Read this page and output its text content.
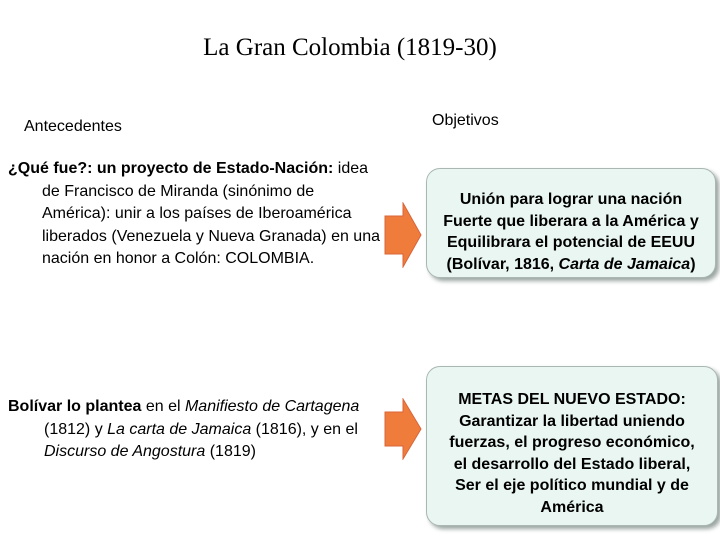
La Gran Colombia (1819-30)
Antecedentes	Objetivos
¿Qué fue?: un proyecto de Estado-Nación: idea de Francisco de Miranda (sinónimo de América): unir a los países de Iberoamérica liberados (Venezuela y Nueva Granada) en una nación en honor a Colón: COLOMBIA.
Bolívar lo plantea en el Manifiesto de Cartagena (1812) y La carta de Jamaica (1816), y en el Discurso de Angostura (1819)
Unión para lograr una nación
Fuerte que liberara a la América y
Equilibrara el potencial de EEUU
(Bolívar, 1816, Carta de Jamaica)
METAS DEL NUEVO ESTADO:
Garantizar la libertad uniendo
fuerzas, el progreso económico,
el desarrollo del Estado liberal,
Ser el eje político mundial y de
América
